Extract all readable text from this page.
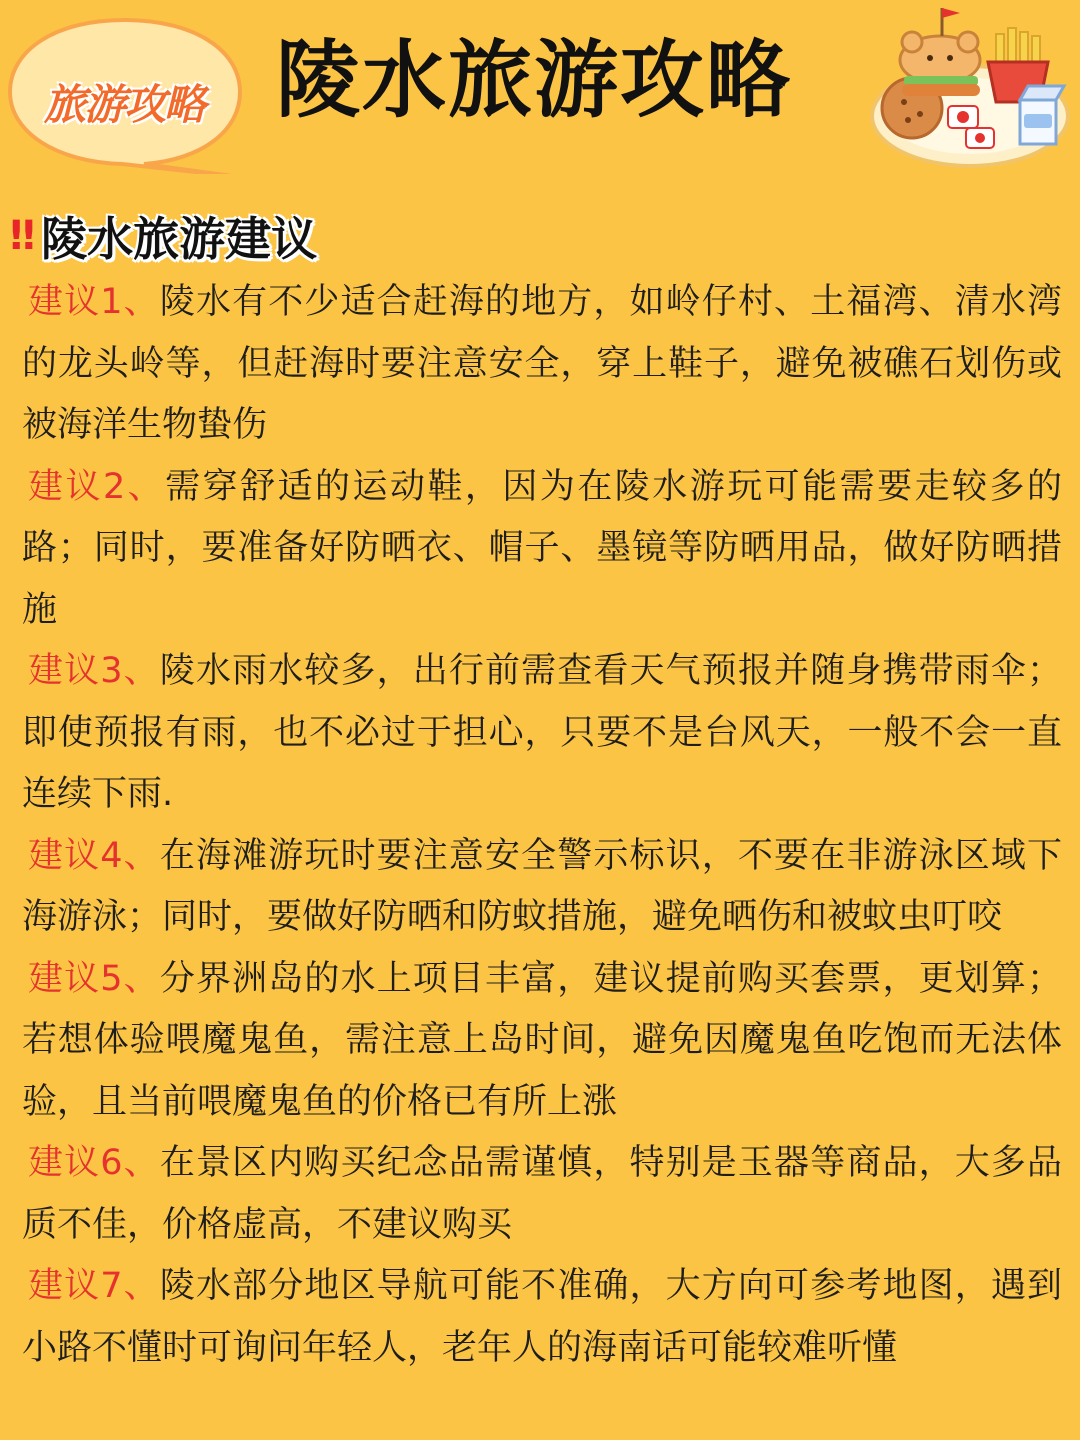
旅游攻略 陵水旅游攻略
‼ 陵水旅游建议

建议1、陵水有不少适合赶海的地方，如岭仔村、土福湾、清水湾的龙头岭等，但赶海时要注意安全，穿上鞋子，避免被礁石划伤或被海洋生物蛰伤

建议2、需穿舒适的运动鞋，因为在陵水游玩可能需要走较多的路；同时，要准备好防晒衣、帽子、墨镜等防晒用品，做好防晒措施

建议3、陵水雨水较多，出行前需查看天气预报并随身携带雨伞；即使预报有雨，也不必过于担心，只要不是台风天，一般不会一直连续下雨.

建议4、在海滩游玩时要注意安全警示标识，不要在非游泳区域下海游泳；同时，要做好防晒和防蚊措施，避免晒伤和被蚊虫叮咬

建议5、分界洲岛的水上项目丰富，建议提前购买套票，更划算；若想体验喂魔鬼鱼，需注意上岛时间，避免因魔鬼鱼吃饱而无法体验，且当前喂魔鬼鱼的价格已有所上涨

建议6、在景区内购买纪念品需谨慎，特别是玉器等商品，大多品质不佳，价格虚高，不建议购买

建议7、陵水部分地区导航可能不准确，大方向可参考地图，遇到小路不懂时可询问年轻人，老年人的海南话可能较难听懂
